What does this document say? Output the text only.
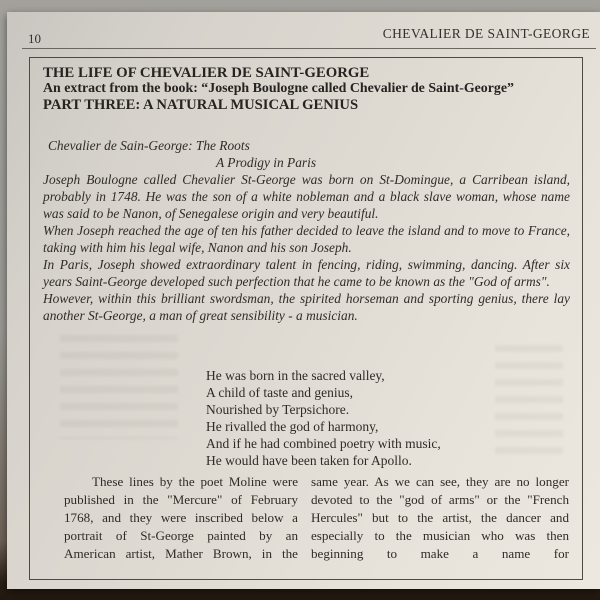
10	CHEVALIER DE SAINT-GEORGE
THE LIFE OF CHEVALIER DE SAINT-GEORGE
An extract from the book: “Joseph Boulogne called Chevalier de Saint-George”
PART THREE: A NATURAL MUSICAL GENIUS
Chevalier de Sain-George: The Roots
A Prodigy in Paris

Joseph Boulogne called Chevalier St-George was born on St-Domingue, a Carribean island, probably in 1748. He was the son of a white nobleman and a black slave woman, whose name was said to be Nanon, of Senegalese origin and very beautiful.

When Joseph reached the age of ten his father decided to leave the island and to move to France, taking with him his legal wife, Nanon and his son Joseph.

In Paris, Joseph showed extraordinary talent in fencing, riding, swimming, dancing. After six years Saint-George developed such perfection that he came to be known as the "God of arms".

However, within this brilliant swordsman, the spirited horseman and sporting genius, there lay another St-George, a man of great sensibility - a musician.

He was born in the sacred valley,
A child of taste and genius,
Nourished by Terpsichore.
He rivalled the god of harmony,
And if he had combined poetry with music,
He would have been taken for Apollo.

These lines by the poet Moline were published in the "Mercure" of February 1768, and they were inscribed below a portrait of St-George painted by an American artist, Mather Brown, in the

same year. As we can see, they are no longer devoted to the "god of arms" or the "French Hercules" but to the artist, the dancer and especially to the musician who was then beginning to make a name for
